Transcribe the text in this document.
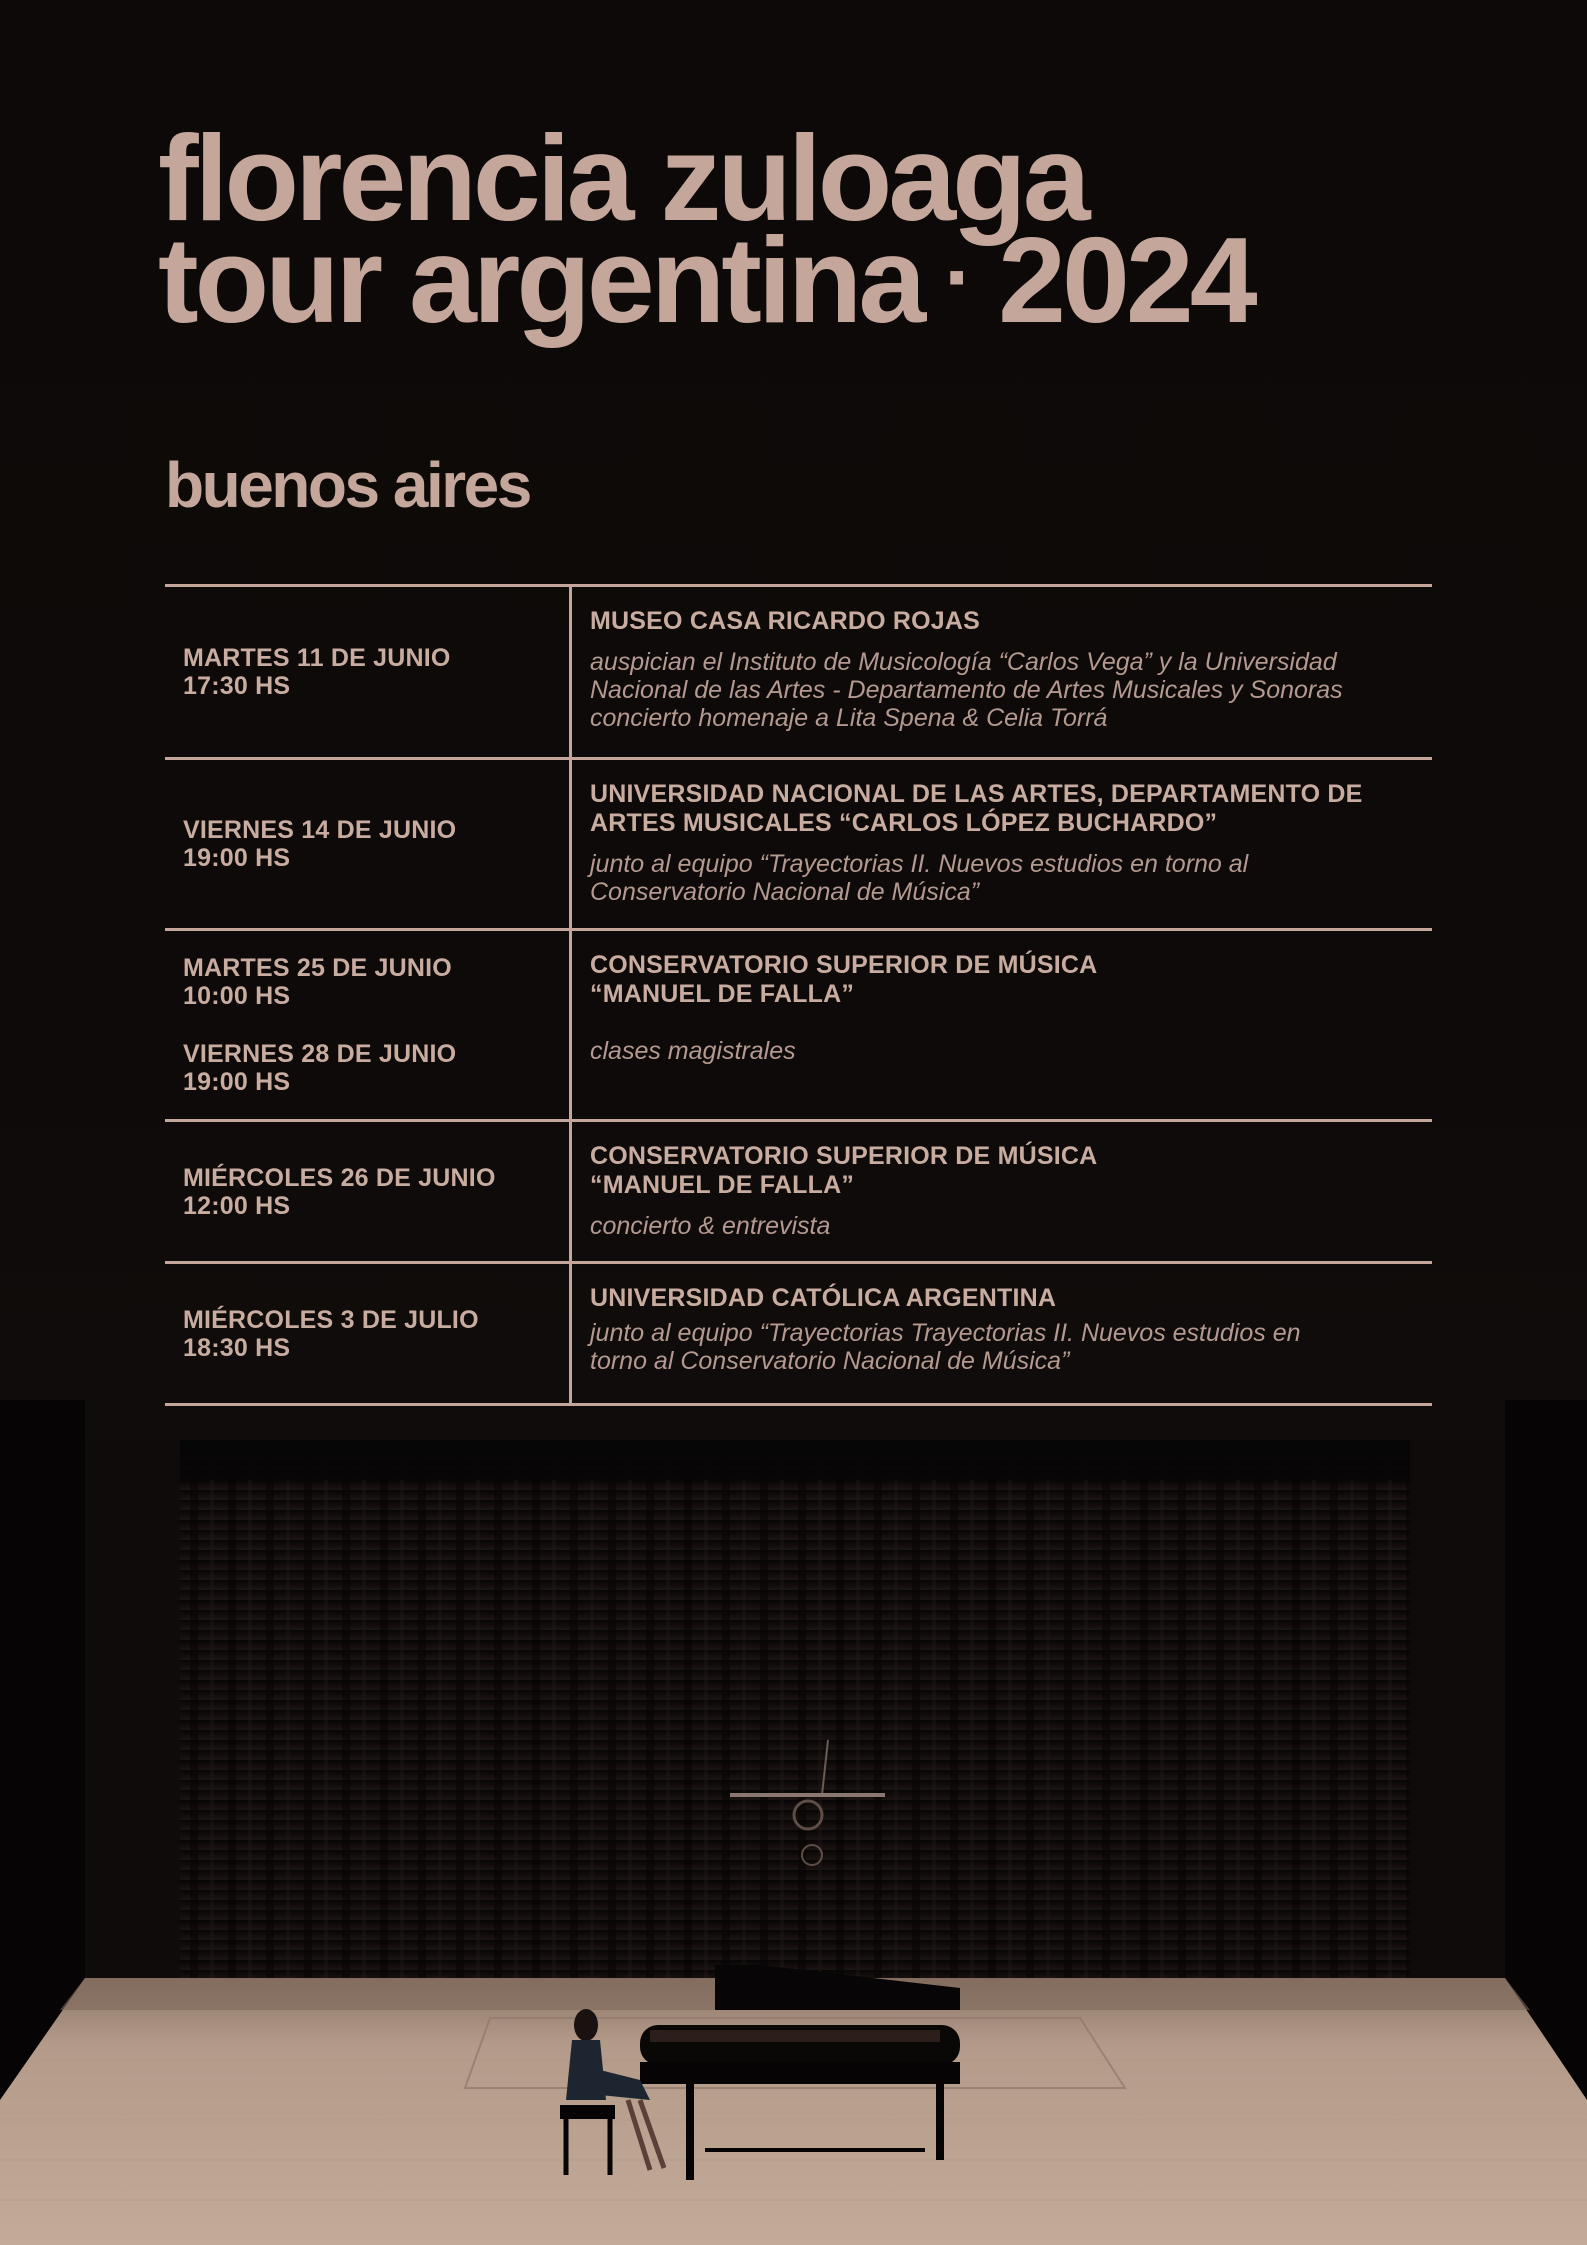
florencia zuloaga
tour argentina · 2024
buenos aires
MARTES 11 DE JUNIO
17:30 HS

MUSEO CASA RICARDO ROJAS

auspician el Instituto de Musicología “Carlos Vega” y la Universidad
Nacional de las Artes - Departamento de Artes Musicales y Sonoras
concierto homenaje a Lita Spena & Celia Torrá

VIERNES 14 DE JUNIO
19:00 HS

UNIVERSIDAD NACIONAL DE LAS ARTES, DEPARTAMENTO DE
ARTES MUSICALES “CARLOS LÓPEZ BUCHARDO”

junto al equipo “Trayectorias II. Nuevos estudios en torno al
Conservatorio Nacional de Música”

MARTES 25 DE JUNIO
10:00 HS
VIERNES 28 DE JUNIO
19:00 HS

CONSERVATORIO SUPERIOR DE MÚSICA
“MANUEL DE FALLA”

clases magistrales

MIÉRCOLES 26 DE JUNIO
12:00 HS

CONSERVATORIO SUPERIOR DE MÚSICA
“MANUEL DE FALLA”

concierto & entrevista

MIÉRCOLES 3 DE JULIO
18:30 HS

UNIVERSIDAD CATÓLICA ARGENTINA

junto al equipo “Trayectorias Trayectorias II. Nuevos estudios en
torno al Conservatorio Nacional de Música”
